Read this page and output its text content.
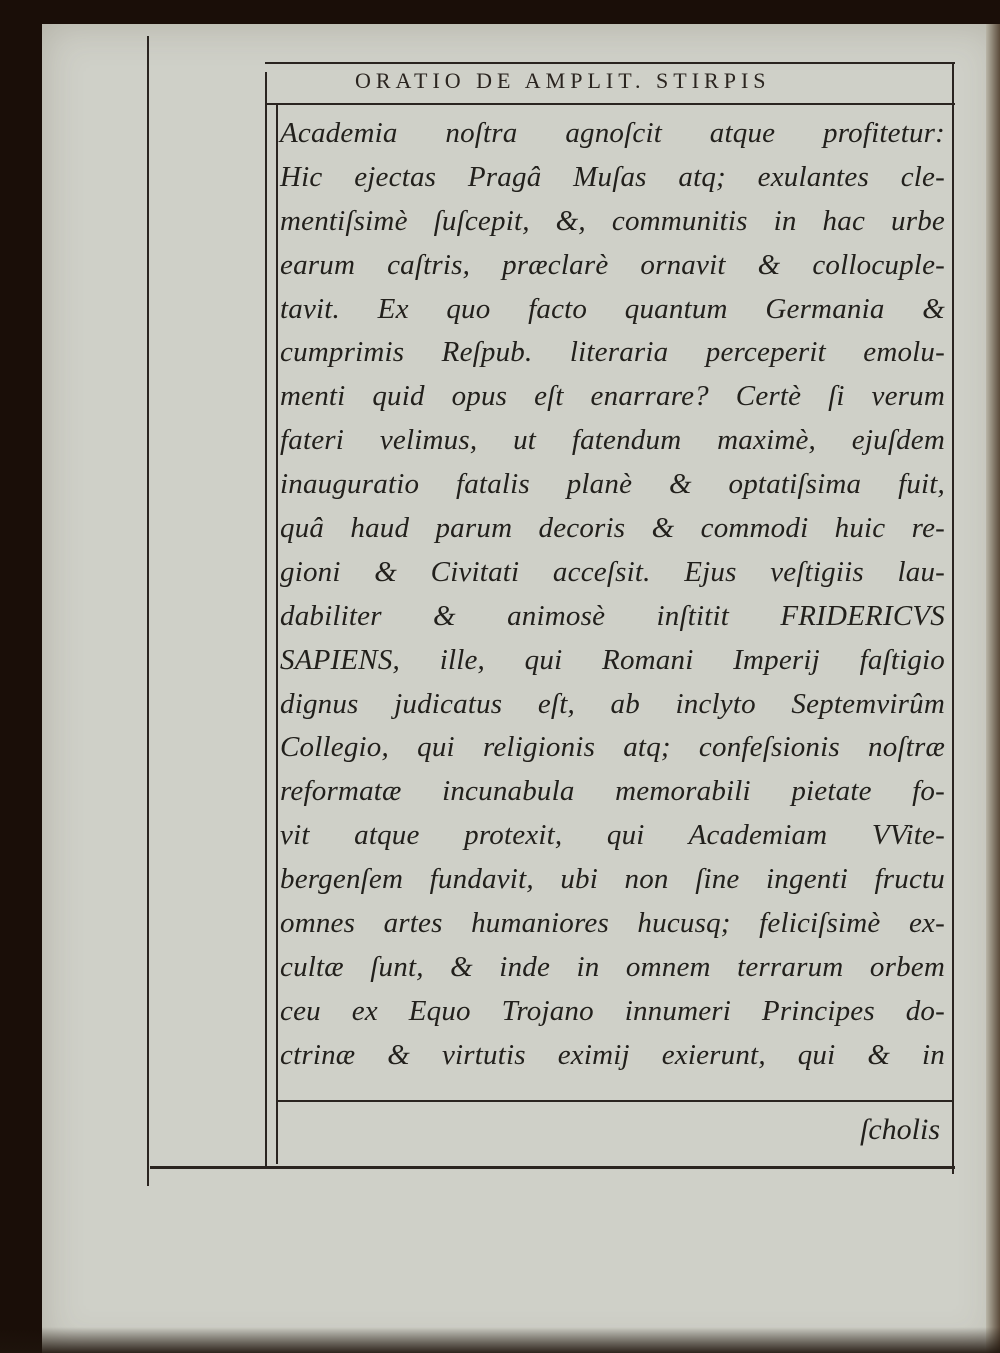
ORATIO DE AMPLIT. STIRPIS
Academia noſtra agnoſcit atque profitetur:
Hic ejectas Pragâ Muſas atq; exulantes cle-
mentiſsimè ſuſcepit, &, communitis in hac urbe
earum caſtris, præclarè ornavit & collocuple-
tavit. Ex quo facto quantum Germania &
cumprimis Reſpub. literaria perceperit emolu-
menti quid opus eſt enarrare? Certè ſi verum
fateri velimus, ut fatendum maximè, ejuſdem
inauguratio fatalis planè & optatiſsima fuit,
quâ haud parum decoris & commodi huic re-
gioni & Civitati acceſsit. Ejus veſtigiis lau-
dabiliter & animosè inſtitit FRIDERICVS
SAPIENS, ille, qui Romani Imperij faſtigio
dignus judicatus eſt, ab inclyto Septemvirûm
Collegio, qui religionis atq; confeſsionis noſtræ
reformatæ incunabula memorabili pietate fo-
vit atque protexit, qui Academiam VVite-
bergenſem fundavit, ubi non ſine ingenti fructu
omnes artes humaniores hucusq; feliciſsimè ex-
cultæ ſunt, & inde in omnem terrarum orbem
ceu ex Equo Trojano innumeri Principes do-
ctrinæ & virtutis eximij exierunt, qui & in
ſcholis
